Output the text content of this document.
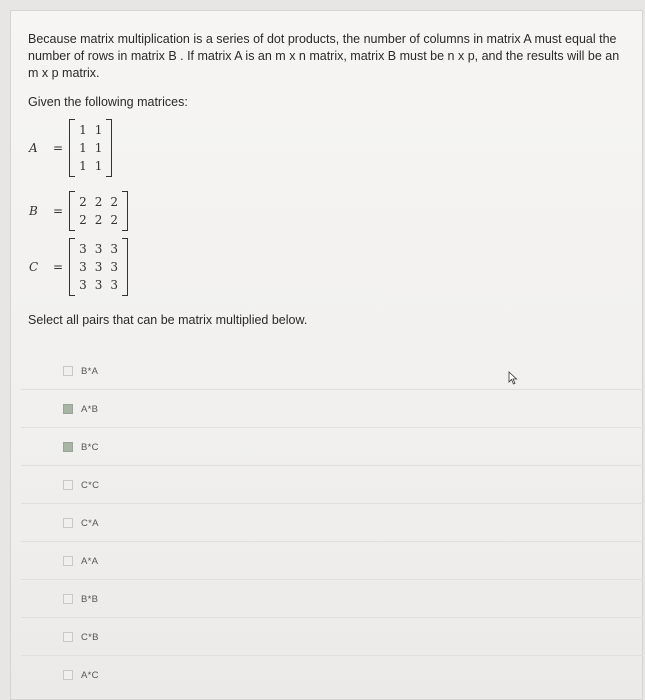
Because matrix multiplication is a series of dot products, the number of columns in matrix A must equal the number of rows in matrix B . If matrix A is an m x n matrix, matrix B must be n x p, and the results will be an m x p matrix.
Given the following matrices:
A	=
1	1
1	1
1	1
B	=
2	2	2
2	2	2
C	=
3	3	3
3	3	3
3	3	3
Select all pairs that can be matrix multiplied below.
B*A
A*B
B*C
C*C
C*A
A*A
B*B
C*B
A*C
